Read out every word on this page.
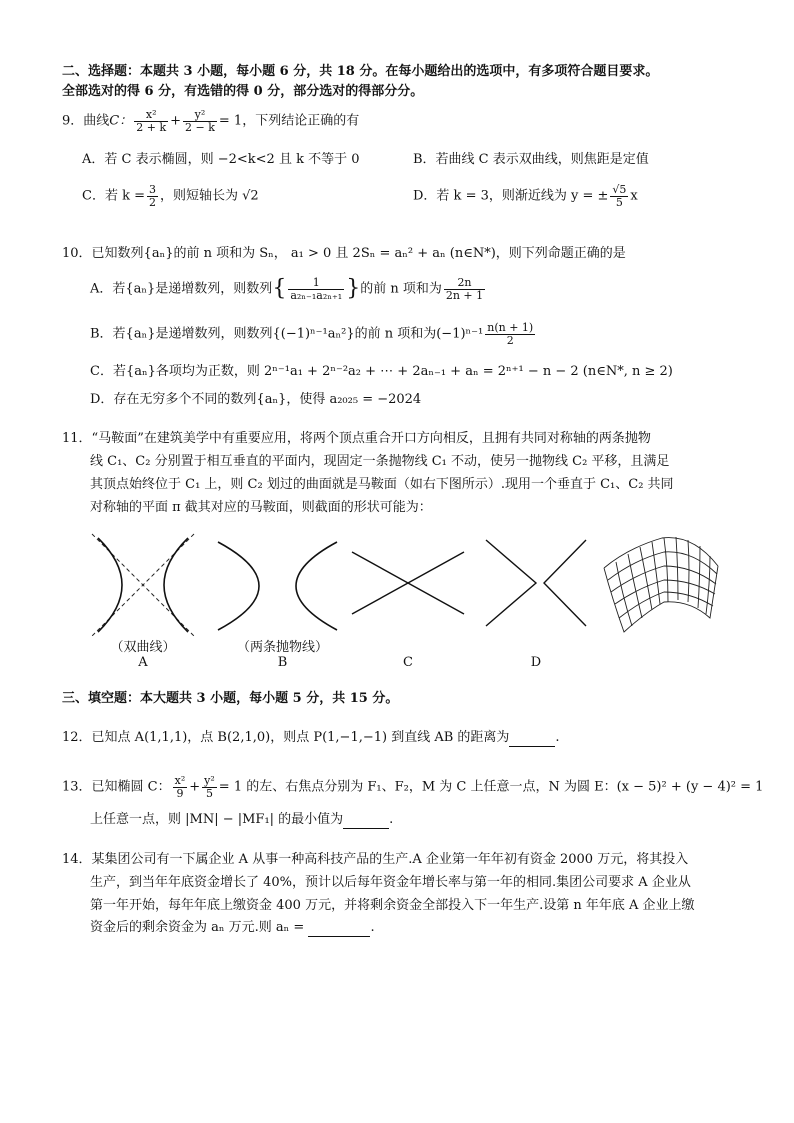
二、选择题：本题共 3 小题，每小题 6 分，共 18 分。在每小题给出的选项中，有多项符合题目要求。
全部选对的得 6 分，有选错的得 0 分，部分选对的得部分分。
9．曲线C： $\frac{\text{x²}}{2 + k} + \frac{\text{y²}}{2 - k} = 1$，下列结论正确的有
A．若 C 表示椭圆，则 −2<k<2 且 k 不等于 0	B．若曲线 C 表示双曲线，则焦距是定值
C．若 $k = \frac{3}{2}$ ，则短轴长为 √2	D．若 k = 3，则渐近线为 y = ± $\frac{√5}{5}$ x
10．已知数列{aₙ}的前 n 项和为 Sₙ， a₁ > 0 且 2Sₙ = aₙ² + aₙ (n∈N*)，则下列命题正确的是
A．若{aₙ}是递增数列，则数列{ $\frac{1}{\text{a₂ₙ₋₁a₂ₙ₊₁}}$ }的前 n 项和为 $\frac{2n}{2n + 1}$
B．若{aₙ}是递增数列，则数列{(−1)ⁿ⁻¹aₙ²}的前 n 项和为$(-1)^{n-1} \frac{n(n + 1)}{2}$
C．若{aₙ}各项均为正数，则 2ⁿ⁻¹a₁ + 2ⁿ⁻²a₂ + ⋯ + 2aₙ₋₁ + aₙ = 2ⁿ⁺¹ − n − 2 (n∈N*, n ≥ 2)
D．存在无穷多个不同的数列{aₙ}，使得 a₂₀₂₅ = −2024
11．“马鞍面”在建筑美学中有重要应用，将两个顶点重合开口方向相反，且拥有共同对称轴的两条抛物
线 C₁、C₂ 分别置于相互垂直的平面内，现固定一条抛物线 C₁ 不动，使另一抛物线 C₂ 平移，且满足
其顶点始终位于 C₁ 上，则 C₂ 划过的曲面就是马鞍面（如右下图所示）.现用一个垂直于 C₁、C₂ 共同
对称轴的平面 π 截其对应的马鞍面，则截面的形状可能为：
（双曲线）
A
（两条抛物线）
B	C	D
三、填空题：本大题共 3 小题，每小题 5 分，共 15 分。
12．已知点 A(1,1,1)，点 B(2,1,0)，则点 P(1,−1,−1) 到直线 AB 的距离为	.
13．已知椭圆 C： $\frac{\text{x²}}{9} + \frac{\text{y²}}{5} = 1$ 的左、右焦点分别为 F₁、F₂，M 为 C 上任意一点，N 为圆 E：(x − 5)² + (y − 4)² = 1
上任意一点，则 |MN| − |MF₁| 的最小值为	.
14．某集团公司有一下属企业 A 从事一种高科技产品的生产.A 企业第一年年初有资金 2000 万元，将其投入
生产，到当年年底资金增长了 40%，预计以后每年资金年增长率与第一年的相同.集团公司要求 A 企业从
第一年开始，每年年底上缴资金 400 万元，并将剩余资金全部投入下一年生产.设第 n 年年底 A 企业上缴
资金后的剩余资金为 aₙ 万元.则 aₙ =	.
